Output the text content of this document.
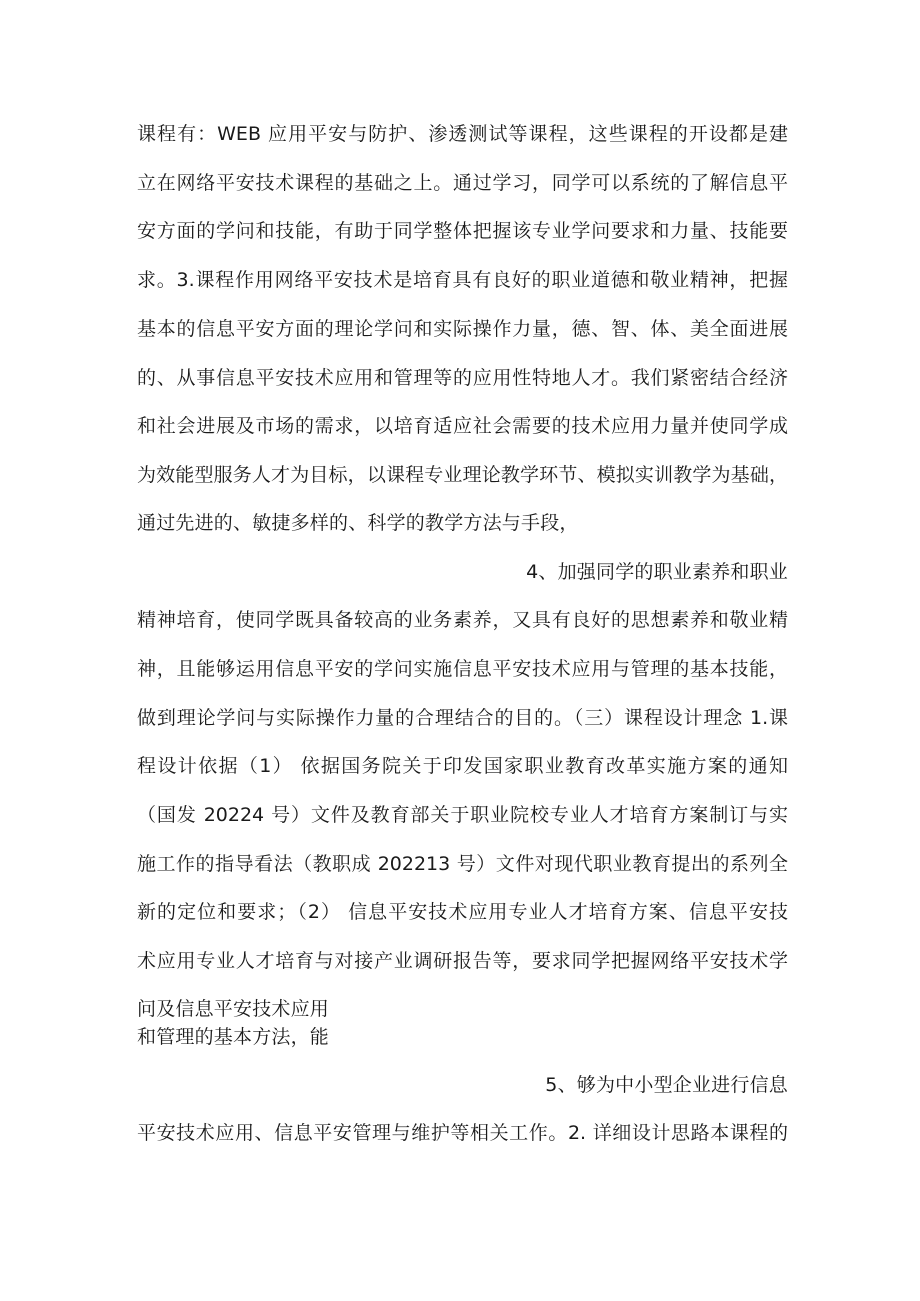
课程有：WEB 应用平安与防护、渗透测试等课程，这些课程的开设都是建
立在网络平安技术课程的基础之上。通过学习，同学可以系统的了解信息平
安方面的学问和技能，有助于同学整体把握该专业学问要求和力量、技能要
求。3.课程作用网络平安技术是培育具有良好的职业道德和敬业精神，把握
基本的信息平安方面的理论学问和实际操作力量，德、智、体、美全面进展
的、从事信息平安技术应用和管理等的应用性特地人才。我们紧密结合经济
和社会进展及市场的需求，以培育适应社会需要的技术应用力量并使同学成
为效能型服务人才为目标，以课程专业理论教学环节、模拟实训教学为基础，
通过先进的、敏捷多样的、科学的教学方法与手段，
4、加强同学的职业素养和职业
精神培育，使同学既具备较高的业务素养，又具有良好的思想素养和敬业精
神，且能够运用信息平安的学问实施信息平安技术应用与管理的基本技能，
做到理论学问与实际操作力量的合理结合的目的。（三）课程设计理念 1.课
程设计依据（1） 依据国务院关于印发国家职业教育改革实施方案的通知
（国发 20224 号）文件及教育部关于职业院校专业人才培育方案制订与实
施工作的指导看法（教职成 202213 号）文件对现代职业教育提出的系列全
新的定位和要求；（2） 信息平安技术应用专业人才培育方案、信息平安技
术应用专业人才培育与对接产业调研报告等，要求同学把握网络平安技术学
问及信息平安技术应用
和管理的基本方法，能
5、够为中小型企业进行信息
平安技术应用、信息平安管理与维护等相关工作。2. 详细设计思路本课程的
